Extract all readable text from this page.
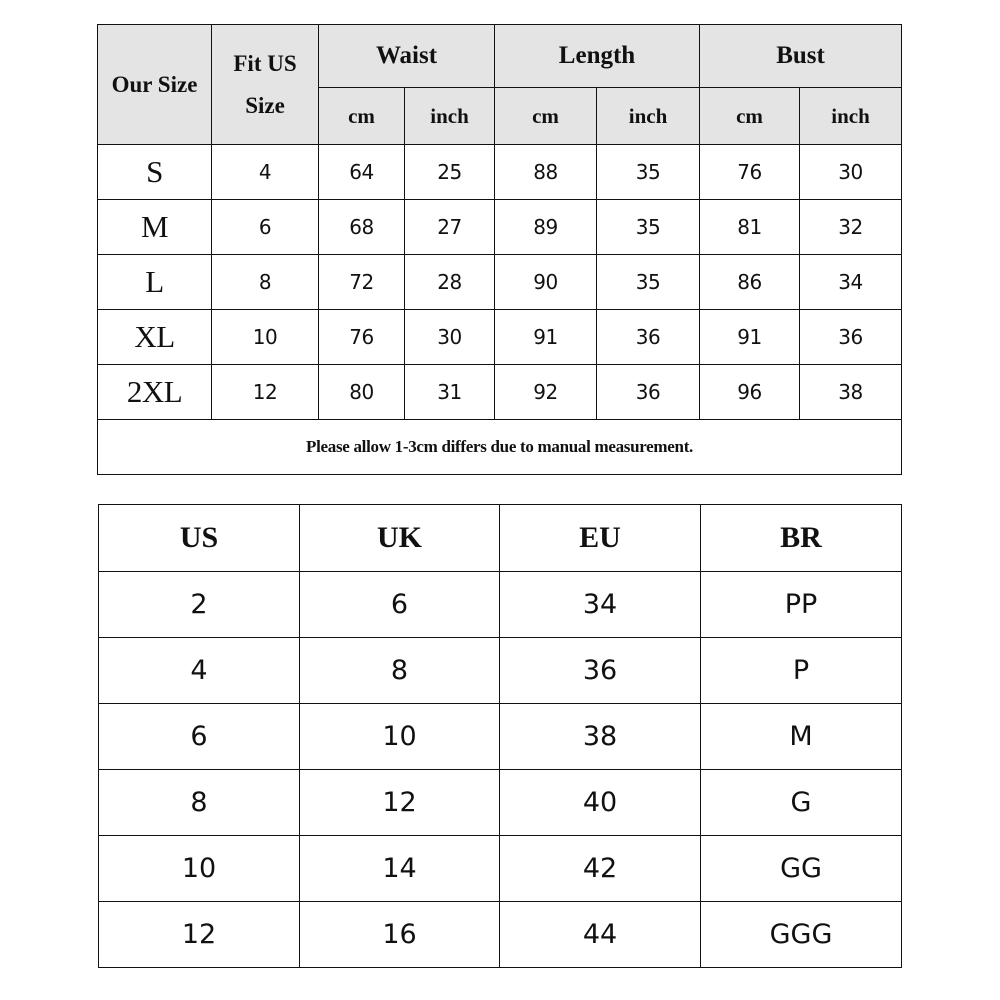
Our Size	Fit US Size	Waist		Length		Bust	
		cm	inch	cm	inch	cm	inch
S	4	64	25	88	35	76	30
M	6	68	27	89	35	81	32
L	8	72	28	90	35	86	34
XL	10	76	30	91	36	91	36
2XL	12	80	31	92	36	96	38
Please allow 1-3cm differs due to manual measurement.							
US	UK	EU	BR
2	6	34	PP
4	8	36	P
6	10	38	M
8	12	40	G
10	14	42	GG
12	16	44	GGG
